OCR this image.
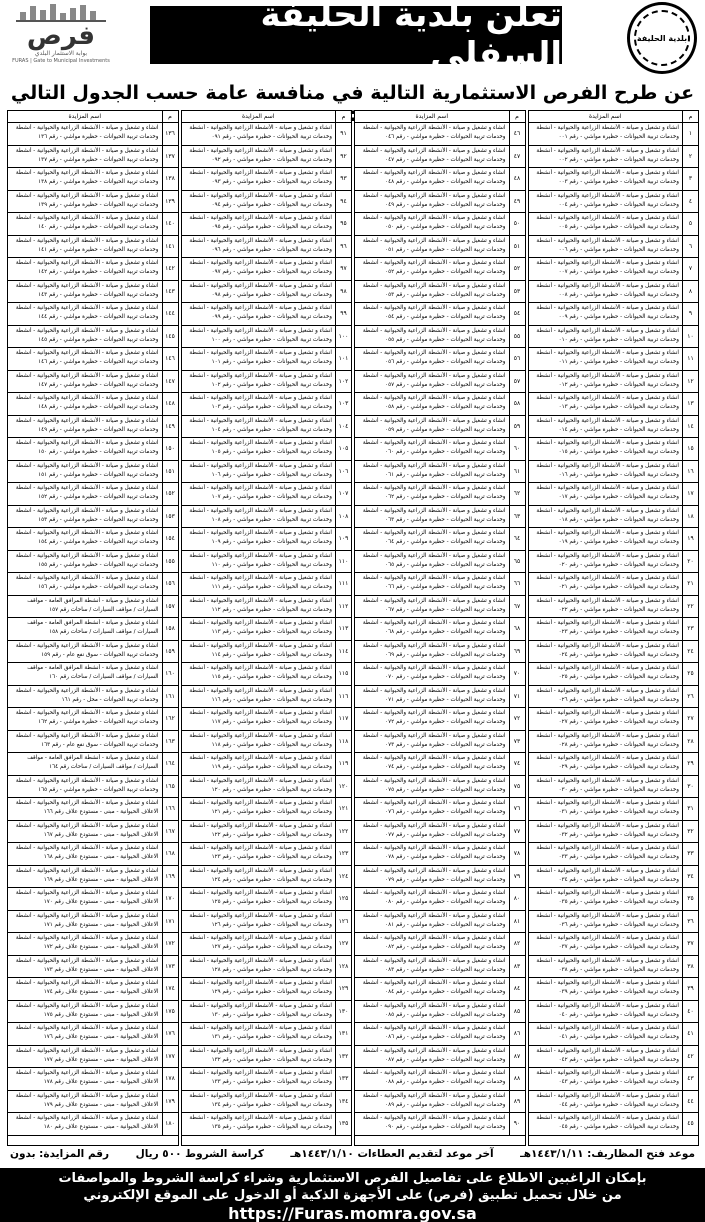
فرص
بوابة الاستثمار البلدي
FURAS | Gate to Municipal Investments
تعلن بلدية الحليفة السفلى	بلدية الحليفة
عن طرح الفرص الاستثمارية التالية في منافسة عامة حسب الجدول التالي :	م
اسم المزايدة
١
انشاء و تشغيل و صيانة - الأنشطة الزراعية والحيوانية - أنشطة
وخدمات تربية الحيوانات - حظيرة مواشي - رقم ٠٠١
٢
انشاء و تشغيل و صيانة - الأنشطة الزراعية والحيوانية - أنشطة
وخدمات تربية الحيوانات - حظيرة مواشي - رقم ٠٠٢
٣
انشاء و تشغيل و صيانة - الأنشطة الزراعية والحيوانية - أنشطة
وخدمات تربية الحيوانات - حظيرة مواشي - رقم ٠٠٣
٤
انشاء و تشغيل و صيانة - الأنشطة الزراعية والحيوانية - أنشطة
وخدمات تربية الحيوانات - حظيرة مواشي - رقم ٠٠٤
٥
انشاء و تشغيل و صيانة - الأنشطة الزراعية والحيوانية - أنشطة
وخدمات تربية الحيوانات - حظيرة مواشي - رقم ٠٠٥
٦
انشاء و تشغيل و صيانة - الأنشطة الزراعية والحيوانية - أنشطة
وخدمات تربية الحيوانات - حظيرة مواشي - رقم ٠٠٦
٧
انشاء و تشغيل و صيانة - الأنشطة الزراعية والحيوانية - أنشطة
وخدمات تربية الحيوانات - حظيرة مواشي - رقم ٠٠٧
٨
انشاء و تشغيل و صيانة - الأنشطة الزراعية والحيوانية - أنشطة
وخدمات تربية الحيوانات - حظيرة مواشي - رقم ٠٠٨
٩
انشاء و تشغيل و صيانة - الأنشطة الزراعية والحيوانية - أنشطة
وخدمات تربية الحيوانات - حظيرة مواشي - رقم ٠٠٩
١٠
انشاء و تشغيل و صيانة - الأنشطة الزراعية والحيوانية - أنشطة
وخدمات تربية الحيوانات - حظيرة مواشي - رقم ٠١٠
١١
انشاء و تشغيل و صيانة - الأنشطة الزراعية والحيوانية - أنشطة
وخدمات تربية الحيوانات - حظيرة مواشي - رقم ٠١١
١٢
انشاء و تشغيل و صيانة - الأنشطة الزراعية والحيوانية - أنشطة
وخدمات تربية الحيوانات - حظيرة مواشي - رقم ٠١٢
١٣
انشاء و تشغيل و صيانة - الأنشطة الزراعية والحيوانية - أنشطة
وخدمات تربية الحيوانات - حظيرة مواشي - رقم ٠١٣
١٤
انشاء و تشغيل و صيانة - الأنشطة الزراعية والحيوانية - أنشطة
وخدمات تربية الحيوانات - حظيرة مواشي - رقم ٠١٤
١٥
انشاء و تشغيل و صيانة - الأنشطة الزراعية والحيوانية - أنشطة
وخدمات تربية الحيوانات - حظيرة مواشي - رقم ٠١٥
١٦
انشاء و تشغيل و صيانة - الأنشطة الزراعية والحيوانية - أنشطة
وخدمات تربية الحيوانات - حظيرة مواشي - رقم ٠١٦
١٧
انشاء و تشغيل و صيانة - الأنشطة الزراعية والحيوانية - أنشطة
وخدمات تربية الحيوانات - حظيرة مواشي - رقم ٠١٧
١٨
انشاء و تشغيل و صيانة - الأنشطة الزراعية والحيوانية - أنشطة
وخدمات تربية الحيوانات - حظيرة مواشي - رقم ٠١٨
١٩
انشاء و تشغيل و صيانة - الأنشطة الزراعية والحيوانية - أنشطة
وخدمات تربية الحيوانات - حظيرة مواشي - رقم ٠١٩
٢٠
انشاء و تشغيل و صيانة - الأنشطة الزراعية والحيوانية - أنشطة
وخدمات تربية الحيوانات - حظيرة مواشي - رقم ٠٢٠
٢١
انشاء و تشغيل و صيانة - الأنشطة الزراعية والحيوانية - أنشطة
وخدمات تربية الحيوانات - حظيرة مواشي - رقم ٠٢١
٢٢
انشاء و تشغيل و صيانة - الأنشطة الزراعية والحيوانية - أنشطة
وخدمات تربية الحيوانات - حظيرة مواشي - رقم ٠٢٢
٢٣
انشاء و تشغيل و صيانة - الأنشطة الزراعية والحيوانية - أنشطة
وخدمات تربية الحيوانات - حظيرة مواشي - رقم ٠٢٣
٢٤
انشاء و تشغيل و صيانة - الأنشطة الزراعية والحيوانية - أنشطة
وخدمات تربية الحيوانات - حظيرة مواشي - رقم ٠٢٤
٢٥
انشاء و تشغيل و صيانة - الأنشطة الزراعية والحيوانية - أنشطة
وخدمات تربية الحيوانات - حظيرة مواشي - رقم ٠٢٥
٢٦
انشاء و تشغيل و صيانة - الأنشطة الزراعية والحيوانية - أنشطة
وخدمات تربية الحيوانات - حظيرة مواشي - رقم ٠٢٦
٢٧
انشاء و تشغيل و صيانة - الأنشطة الزراعية والحيوانية - أنشطة
وخدمات تربية الحيوانات - حظيرة مواشي - رقم ٠٢٧
٢٨
انشاء و تشغيل و صيانة - الأنشطة الزراعية والحيوانية - أنشطة
وخدمات تربية الحيوانات - حظيرة مواشي - رقم ٠٢٨
٢٩
انشاء و تشغيل و صيانة - الأنشطة الزراعية والحيوانية - أنشطة
وخدمات تربية الحيوانات - حظيرة مواشي - رقم ٠٢٩
٣٠
انشاء و تشغيل و صيانة - الأنشطة الزراعية والحيوانية - أنشطة
وخدمات تربية الحيوانات - حظيرة مواشي - رقم ٠٣٠
٣١
انشاء و تشغيل و صيانة - الأنشطة الزراعية والحيوانية - أنشطة
وخدمات تربية الحيوانات - حظيرة مواشي - رقم ٠٣١
٣٢
انشاء و تشغيل و صيانة - الأنشطة الزراعية والحيوانية - أنشطة
وخدمات تربية الحيوانات - حظيرة مواشي - رقم ٠٣٢
٣٣
انشاء و تشغيل و صيانة - الأنشطة الزراعية والحيوانية - أنشطة
وخدمات تربية الحيوانات - حظيرة مواشي - رقم ٠٣٣
٣٤
انشاء و تشغيل و صيانة - الأنشطة الزراعية والحيوانية - أنشطة
وخدمات تربية الحيوانات - حظيرة مواشي - رقم ٠٣٤
٣٥
انشاء و تشغيل و صيانة - الأنشطة الزراعية والحيوانية - أنشطة
وخدمات تربية الحيوانات - حظيرة مواشي - رقم ٠٣٥
٣٦
انشاء و تشغيل و صيانة - الأنشطة الزراعية والحيوانية - أنشطة
وخدمات تربية الحيوانات - حظيرة مواشي - رقم ٠٣٦
٣٧
انشاء و تشغيل و صيانة - الأنشطة الزراعية والحيوانية - أنشطة
وخدمات تربية الحيوانات - حظيرة مواشي - رقم ٠٣٧
٣٨
انشاء و تشغيل و صيانة - الأنشطة الزراعية والحيوانية - أنشطة
وخدمات تربية الحيوانات - حظيرة مواشي - رقم ٠٣٨
٣٩
انشاء و تشغيل و صيانة - الأنشطة الزراعية والحيوانية - أنشطة
وخدمات تربية الحيوانات - حظيرة مواشي - رقم ٠٣٩
٤٠
انشاء و تشغيل و صيانة - الأنشطة الزراعية والحيوانية - أنشطة
وخدمات تربية الحيوانات - حظيرة مواشي - رقم ٠٤٠
٤١
انشاء و تشغيل و صيانة - الأنشطة الزراعية والحيوانية - أنشطة
وخدمات تربية الحيوانات - حظيرة مواشي - رقم ٠٤١
٤٢
انشاء و تشغيل و صيانة - الأنشطة الزراعية والحيوانية - أنشطة
وخدمات تربية الحيوانات - حظيرة مواشي - رقم ٠٤٢
٤٣
انشاء و تشغيل و صيانة - الأنشطة الزراعية والحيوانية - أنشطة
وخدمات تربية الحيوانات - حظيرة مواشي - رقم ٠٤٣
٤٤
انشاء و تشغيل و صيانة - الأنشطة الزراعية والحيوانية - أنشطة
وخدمات تربية الحيوانات - حظيرة مواشي - رقم ٠٤٤
٤٥
انشاء و تشغيل و صيانة - الأنشطة الزراعية والحيوانية - أنشطة
وخدمات تربية الحيوانات - حظيرة مواشي - رقم ٠٤٥
م
اسم المزايدة
٤٦
انشاء و تشغيل و صيانة - الأنشطة الزراعية والحيوانية - أنشطة
وخدمات تربية الحيوانات - حظيرة مواشي - رقم ٠٤٦
٤٧
انشاء و تشغيل و صيانة - الأنشطة الزراعية والحيوانية - أنشطة
وخدمات تربية الحيوانات - حظيرة مواشي - رقم ٠٤٧
٤٨
انشاء و تشغيل و صيانة - الأنشطة الزراعية والحيوانية - أنشطة
وخدمات تربية الحيوانات - حظيرة مواشي - رقم ٠٤٨
٤٩
انشاء و تشغيل و صيانة - الأنشطة الزراعية والحيوانية - أنشطة
وخدمات تربية الحيوانات - حظيرة مواشي - رقم ٠٤٩
٥٠
انشاء و تشغيل و صيانة - الأنشطة الزراعية والحيوانية - أنشطة
وخدمات تربية الحيوانات - حظيرة مواشي - رقم ٠٥٠
٥١
انشاء و تشغيل و صيانة - الأنشطة الزراعية والحيوانية - أنشطة
وخدمات تربية الحيوانات - حظيرة مواشي - رقم ٠٥١
٥٢
انشاء و تشغيل و صيانة - الأنشطة الزراعية والحيوانية - أنشطة
وخدمات تربية الحيوانات - حظيرة مواشي - رقم ٠٥٢
٥٣
انشاء و تشغيل و صيانة - الأنشطة الزراعية والحيوانية - أنشطة
وخدمات تربية الحيوانات - حظيرة مواشي - رقم ٠٥٣
٥٤
انشاء و تشغيل و صيانة - الأنشطة الزراعية والحيوانية - أنشطة
وخدمات تربية الحيوانات - حظيرة مواشي - رقم ٠٥٤
٥٥
انشاء و تشغيل و صيانة - الأنشطة الزراعية والحيوانية - أنشطة
وخدمات تربية الحيوانات - حظيرة مواشي - رقم ٠٥٥
٥٦
انشاء و تشغيل و صيانة - الأنشطة الزراعية والحيوانية - أنشطة
وخدمات تربية الحيوانات - حظيرة مواشي - رقم ٠٥٦
٥٧
انشاء و تشغيل و صيانة - الأنشطة الزراعية والحيوانية - أنشطة
وخدمات تربية الحيوانات - حظيرة مواشي - رقم ٠٥٧
٥٨
انشاء و تشغيل و صيانة - الأنشطة الزراعية والحيوانية - أنشطة
وخدمات تربية الحيوانات - حظيرة مواشي - رقم ٠٥٨
٥٩
انشاء و تشغيل و صيانة - الأنشطة الزراعية والحيوانية - أنشطة
وخدمات تربية الحيوانات - حظيرة مواشي - رقم ٠٥٩
٦٠
انشاء و تشغيل و صيانة - الأنشطة الزراعية والحيوانية - أنشطة
وخدمات تربية الحيوانات - حظيرة مواشي - رقم ٠٦٠
٦١
انشاء و تشغيل و صيانة - الأنشطة الزراعية والحيوانية - أنشطة
وخدمات تربية الحيوانات - حظيرة مواشي - رقم ٠٦١
٦٢
انشاء و تشغيل و صيانة - الأنشطة الزراعية والحيوانية - أنشطة
وخدمات تربية الحيوانات - حظيرة مواشي - رقم ٠٦٢
٦٣
انشاء و تشغيل و صيانة - الأنشطة الزراعية والحيوانية - أنشطة
وخدمات تربية الحيوانات - حظيرة مواشي - رقم ٠٦٣
٦٤
انشاء و تشغيل و صيانة - الأنشطة الزراعية والحيوانية - أنشطة
وخدمات تربية الحيوانات - حظيرة مواشي - رقم ٠٦٤
٦٥
انشاء و تشغيل و صيانة - الأنشطة الزراعية والحيوانية - أنشطة
وخدمات تربية الحيوانات - حظيرة مواشي - رقم ٠٦٥
٦٦
انشاء و تشغيل و صيانة - الأنشطة الزراعية والحيوانية - أنشطة
وخدمات تربية الحيوانات - حظيرة مواشي - رقم ٠٦٦
٦٧
انشاء و تشغيل و صيانة - الأنشطة الزراعية والحيوانية - أنشطة
وخدمات تربية الحيوانات - حظيرة مواشي - رقم ٠٦٧
٦٨
انشاء و تشغيل و صيانة - الأنشطة الزراعية والحيوانية - أنشطة
وخدمات تربية الحيوانات - حظيرة مواشي - رقم ٠٦٨
٦٩
انشاء و تشغيل و صيانة - الأنشطة الزراعية والحيوانية - أنشطة
وخدمات تربية الحيوانات - حظيرة مواشي - رقم ٠٦٩
٧٠
انشاء و تشغيل و صيانة - الأنشطة الزراعية والحيوانية - أنشطة
وخدمات تربية الحيوانات - حظيرة مواشي - رقم ٠٧٠
٧١
انشاء و تشغيل و صيانة - الأنشطة الزراعية والحيوانية - أنشطة
وخدمات تربية الحيوانات - حظيرة مواشي - رقم ٠٧١
٧٢
انشاء و تشغيل و صيانة - الأنشطة الزراعية والحيوانية - أنشطة
وخدمات تربية الحيوانات - حظيرة مواشي - رقم ٠٧٢
٧٣
انشاء و تشغيل و صيانة - الأنشطة الزراعية والحيوانية - أنشطة
وخدمات تربية الحيوانات - حظيرة مواشي - رقم ٠٧٣
٧٤
انشاء و تشغيل و صيانة - الأنشطة الزراعية والحيوانية - أنشطة
وخدمات تربية الحيوانات - حظيرة مواشي - رقم ٠٧٤
٧٥
انشاء و تشغيل و صيانة - الأنشطة الزراعية والحيوانية - أنشطة
وخدمات تربية الحيوانات - حظيرة مواشي - رقم ٠٧٥
٧٦
انشاء و تشغيل و صيانة - الأنشطة الزراعية والحيوانية - أنشطة
وخدمات تربية الحيوانات - حظيرة مواشي - رقم ٠٧٦
٧٧
انشاء و تشغيل و صيانة - الأنشطة الزراعية والحيوانية - أنشطة
وخدمات تربية الحيوانات - حظيرة مواشي - رقم ٠٧٧
٧٨
انشاء و تشغيل و صيانة - الأنشطة الزراعية والحيوانية - أنشطة
وخدمات تربية الحيوانات - حظيرة مواشي - رقم ٠٧٨
٧٩
انشاء و تشغيل و صيانة - الأنشطة الزراعية والحيوانية - أنشطة
وخدمات تربية الحيوانات - حظيرة مواشي - رقم ٠٧٩
٨٠
انشاء و تشغيل و صيانة - الأنشطة الزراعية والحيوانية - أنشطة
وخدمات تربية الحيوانات - حظيرة مواشي - رقم ٠٨٠
٨١
انشاء و تشغيل و صيانة - الأنشطة الزراعية والحيوانية - أنشطة
وخدمات تربية الحيوانات - حظيرة مواشي - رقم ٠٨١
٨٢
انشاء و تشغيل و صيانة - الأنشطة الزراعية والحيوانية - أنشطة
وخدمات تربية الحيوانات - حظيرة مواشي - رقم ٠٨٢
٨٣
انشاء و تشغيل و صيانة - الأنشطة الزراعية والحيوانية - أنشطة
وخدمات تربية الحيوانات - حظيرة مواشي - رقم ٠٨٣
٨٤
انشاء و تشغيل و صيانة - الأنشطة الزراعية والحيوانية - أنشطة
وخدمات تربية الحيوانات - حظيرة مواشي - رقم ٠٨٤
٨٥
انشاء و تشغيل و صيانة - الأنشطة الزراعية والحيوانية - أنشطة
وخدمات تربية الحيوانات - حظيرة مواشي - رقم ٠٨٥
٨٦
انشاء و تشغيل و صيانة - الأنشطة الزراعية والحيوانية - أنشطة
وخدمات تربية الحيوانات - حظيرة مواشي - رقم ٠٨٦
٨٧
انشاء و تشغيل و صيانة - الأنشطة الزراعية والحيوانية - أنشطة
وخدمات تربية الحيوانات - حظيرة مواشي - رقم ٠٨٧
٨٨
انشاء و تشغيل و صيانة - الأنشطة الزراعية والحيوانية - أنشطة
وخدمات تربية الحيوانات - حظيرة مواشي - رقم ٠٨٨
٨٩
انشاء و تشغيل و صيانة - الأنشطة الزراعية والحيوانية - أنشطة
وخدمات تربية الحيوانات - حظيرة مواشي - رقم ٠٨٩
٩٠
انشاء و تشغيل و صيانة - الأنشطة الزراعية والحيوانية - أنشطة
وخدمات تربية الحيوانات - حظيرة مواشي - رقم ٠٩٠
م
اسم المزايدة
٩١
انشاء و تشغيل و صيانة - الأنشطة الزراعية والحيوانية - أنشطة
وخدمات تربية الحيوانات - حظيرة مواشي - رقم ٠٩١
٩٢
انشاء و تشغيل و صيانة - الأنشطة الزراعية والحيوانية - أنشطة
وخدمات تربية الحيوانات - حظيرة مواشي - رقم ٠٩٢
٩٣
انشاء و تشغيل و صيانة - الأنشطة الزراعية والحيوانية - أنشطة
وخدمات تربية الحيوانات - حظيرة مواشي - رقم ٠٩٣
٩٤
انشاء و تشغيل و صيانة - الأنشطة الزراعية والحيوانية - أنشطة
وخدمات تربية الحيوانات - حظيرة مواشي - رقم ٠٩٤
٩٥
انشاء و تشغيل و صيانة - الأنشطة الزراعية والحيوانية - أنشطة
وخدمات تربية الحيوانات - حظيرة مواشي - رقم ٠٩٥
٩٦
انشاء و تشغيل و صيانة - الأنشطة الزراعية والحيوانية - أنشطة
وخدمات تربية الحيوانات - حظيرة مواشي - رقم ٠٩٦
٩٧
انشاء و تشغيل و صيانة - الأنشطة الزراعية والحيوانية - أنشطة
وخدمات تربية الحيوانات - حظيرة مواشي - رقم ٠٩٧
٩٨
انشاء و تشغيل و صيانة - الأنشطة الزراعية والحيوانية - أنشطة
وخدمات تربية الحيوانات - حظيرة مواشي - رقم ٠٩٨
٩٩
انشاء و تشغيل و صيانة - الأنشطة الزراعية والحيوانية - أنشطة
وخدمات تربية الحيوانات - حظيرة مواشي - رقم ٠٩٩
١٠٠
انشاء و تشغيل و صيانة - الأنشطة الزراعية والحيوانية - أنشطة
وخدمات تربية الحيوانات - حظيرة مواشي - رقم ١٠٠
١٠١
انشاء و تشغيل و صيانة - الأنشطة الزراعية والحيوانية - أنشطة
وخدمات تربية الحيوانات - حظيرة مواشي - رقم ١٠١
١٠٢
انشاء و تشغيل و صيانة - الأنشطة الزراعية والحيوانية - أنشطة
وخدمات تربية الحيوانات - حظيرة مواشي - رقم ١٠٢
١٠٣
انشاء و تشغيل و صيانة - الأنشطة الزراعية والحيوانية - أنشطة
وخدمات تربية الحيوانات - حظيرة مواشي - رقم ١٠٣
١٠٤
انشاء و تشغيل و صيانة - الأنشطة الزراعية والحيوانية - أنشطة
وخدمات تربية الحيوانات - حظيرة مواشي - رقم ١٠٤
١٠٥
انشاء و تشغيل و صيانة - الأنشطة الزراعية والحيوانية - أنشطة
وخدمات تربية الحيوانات - حظيرة مواشي - رقم ١٠٥
١٠٦
انشاء و تشغيل و صيانة - الأنشطة الزراعية والحيوانية - أنشطة
وخدمات تربية الحيوانات - حظيرة مواشي - رقم ١٠٦
١٠٧
انشاء و تشغيل و صيانة - الأنشطة الزراعية والحيوانية - أنشطة
وخدمات تربية الحيوانات - حظيرة مواشي - رقم ١٠٧
١٠٨
انشاء و تشغيل و صيانة - الأنشطة الزراعية والحيوانية - أنشطة
وخدمات تربية الحيوانات - حظيرة مواشي - رقم ١٠٨
١٠٩
انشاء و تشغيل و صيانة - الأنشطة الزراعية والحيوانية - أنشطة
وخدمات تربية الحيوانات - حظيرة مواشي - رقم ١٠٩
١١٠
انشاء و تشغيل و صيانة - الأنشطة الزراعية والحيوانية - أنشطة
وخدمات تربية الحيوانات - حظيرة مواشي - رقم ١١٠
١١١
انشاء و تشغيل و صيانة - الأنشطة الزراعية والحيوانية - أنشطة
وخدمات تربية الحيوانات - حظيرة مواشي - رقم ١١١
١١٢
انشاء و تشغيل و صيانة - الأنشطة الزراعية والحيوانية - أنشطة
وخدمات تربية الحيوانات - حظيرة مواشي - رقم ١١٢
١١٣
انشاء و تشغيل و صيانة - الأنشطة الزراعية والحيوانية - أنشطة
وخدمات تربية الحيوانات - حظيرة مواشي - رقم ١١٣
١١٤
انشاء و تشغيل و صيانة - الأنشطة الزراعية والحيوانية - أنشطة
وخدمات تربية الحيوانات - حظيرة مواشي - رقم ١١٤
١١٥
انشاء و تشغيل و صيانة - الأنشطة الزراعية والحيوانية - أنشطة
وخدمات تربية الحيوانات - حظيرة مواشي - رقم ١١٥
١١٦
انشاء و تشغيل و صيانة - الأنشطة الزراعية والحيوانية - أنشطة
وخدمات تربية الحيوانات - حظيرة مواشي - رقم ١١٦
١١٧
انشاء و تشغيل و صيانة - الأنشطة الزراعية والحيوانية - أنشطة
وخدمات تربية الحيوانات - حظيرة مواشي - رقم ١١٧
١١٨
انشاء و تشغيل و صيانة - الأنشطة الزراعية والحيوانية - أنشطة
وخدمات تربية الحيوانات - حظيرة مواشي - رقم ١١٨
١١٩
انشاء و تشغيل و صيانة - الأنشطة الزراعية والحيوانية - أنشطة
وخدمات تربية الحيوانات - حظيرة مواشي - رقم ١١٩
١٢٠
انشاء و تشغيل و صيانة - الأنشطة الزراعية والحيوانية - أنشطة
وخدمات تربية الحيوانات - حظيرة مواشي - رقم ١٢٠
١٢١
انشاء و تشغيل و صيانة - الأنشطة الزراعية والحيوانية - أنشطة
وخدمات تربية الحيوانات - حظيرة مواشي - رقم ١٢١
١٢٢
انشاء و تشغيل و صيانة - الأنشطة الزراعية والحيوانية - أنشطة
وخدمات تربية الحيوانات - حظيرة مواشي - رقم ١٢٢
١٢٣
انشاء و تشغيل و صيانة - الأنشطة الزراعية والحيوانية - أنشطة
وخدمات تربية الحيوانات - حظيرة مواشي - رقم ١٢٣
١٢٤
انشاء و تشغيل و صيانة - الأنشطة الزراعية والحيوانية - أنشطة
وخدمات تربية الحيوانات - حظيرة مواشي - رقم ١٢٤
١٢٥
انشاء و تشغيل و صيانة - الأنشطة الزراعية والحيوانية - أنشطة
وخدمات تربية الحيوانات - حظيرة مواشي - رقم ١٢٥
١٢٦
انشاء و تشغيل و صيانة - الأنشطة الزراعية والحيوانية - أنشطة
وخدمات تربية الحيوانات - حظيرة مواشي - رقم ١٢٦
١٢٧
انشاء و تشغيل و صيانة - الأنشطة الزراعية والحيوانية - أنشطة
وخدمات تربية الحيوانات - حظيرة مواشي - رقم ١٢٧
١٢٨
انشاء و تشغيل و صيانة - الأنشطة الزراعية والحيوانية - أنشطة
وخدمات تربية الحيوانات - حظيرة مواشي - رقم ١٢٨
١٢٩
انشاء و تشغيل و صيانة - الأنشطة الزراعية والحيوانية - أنشطة
وخدمات تربية الحيوانات - حظيرة مواشي - رقم ١٢٩
١٣٠
انشاء و تشغيل و صيانة - الأنشطة الزراعية والحيوانية - أنشطة
وخدمات تربية الحيوانات - حظيرة مواشي - رقم ١٣٠
١٣١
انشاء و تشغيل و صيانة - الأنشطة الزراعية والحيوانية - أنشطة
وخدمات تربية الحيوانات - حظيرة مواشي - رقم ١٣١
١٣٢
انشاء و تشغيل و صيانة - الأنشطة الزراعية والحيوانية - أنشطة
وخدمات تربية الحيوانات - حظيرة مواشي - رقم ١٣٢
١٣٣
انشاء و تشغيل و صيانة - الأنشطة الزراعية والحيوانية - أنشطة
وخدمات تربية الحيوانات - حظيرة مواشي - رقم ١٣٣
١٣٤
انشاء و تشغيل و صيانة - الأنشطة الزراعية والحيوانية - أنشطة
وخدمات تربية الحيوانات - حظيرة مواشي - رقم ١٣٤
١٣٥
انشاء و تشغيل و صيانة - الأنشطة الزراعية والحيوانية - أنشطة
وخدمات تربية الحيوانات - حظيرة مواشي - رقم ١٣٥
م
اسم المزايدة
١٣٦
انشاء و تشغيل و صيانة - الأنشطة الزراعية والحيوانية - أنشطة
وخدمات تربية الحيوانات - حظيرة مواشي - رقم ١٣٦
١٣٧
انشاء و تشغيل و صيانة - الأنشطة الزراعية والحيوانية - أنشطة
وخدمات تربية الحيوانات - حظيرة مواشي - رقم ١٣٧
١٣٨
انشاء و تشغيل و صيانة - الأنشطة الزراعية والحيوانية - أنشطة
وخدمات تربية الحيوانات - حظيرة مواشي - رقم ١٣٨
١٣٩
انشاء و تشغيل و صيانة - الأنشطة الزراعية والحيوانية - أنشطة
وخدمات تربية الحيوانات - حظيرة مواشي - رقم ١٣٩
١٤٠
انشاء و تشغيل و صيانة - الأنشطة الزراعية والحيوانية - أنشطة
وخدمات تربية الحيوانات - حظيرة مواشي - رقم ١٤٠
١٤١
انشاء و تشغيل و صيانة - الأنشطة الزراعية والحيوانية - أنشطة
وخدمات تربية الحيوانات - حظيرة مواشي - رقم ١٤١
١٤٢
انشاء و تشغيل و صيانة - الأنشطة الزراعية والحيوانية - أنشطة
وخدمات تربية الحيوانات - حظيرة مواشي - رقم ١٤٢
١٤٣
انشاء و تشغيل و صيانة - الأنشطة الزراعية والحيوانية - أنشطة
وخدمات تربية الحيوانات - حظيرة مواشي - رقم ١٤٣
١٤٤
انشاء و تشغيل و صيانة - الأنشطة الزراعية والحيوانية - أنشطة
وخدمات تربية الحيوانات - حظيرة مواشي - رقم ١٤٤
١٤٥
انشاء و تشغيل و صيانة - الأنشطة الزراعية والحيوانية - أنشطة
وخدمات تربية الحيوانات - حظيرة مواشي - رقم ١٤٥
١٤٦
انشاء و تشغيل و صيانة - الأنشطة الزراعية والحيوانية - أنشطة
وخدمات تربية الحيوانات - حظيرة مواشي - رقم ١٤٦
١٤٧
انشاء و تشغيل و صيانة - الأنشطة الزراعية والحيوانية - أنشطة
وخدمات تربية الحيوانات - حظيرة مواشي - رقم ١٤٧
١٤٨
انشاء و تشغيل و صيانة - الأنشطة الزراعية والحيوانية - أنشطة
وخدمات تربية الحيوانات - حظيرة مواشي - رقم ١٤٨
١٤٩
انشاء و تشغيل و صيانة - الأنشطة الزراعية والحيوانية - أنشطة
وخدمات تربية الحيوانات - حظيرة مواشي - رقم ١٤٩
١٥٠
انشاء و تشغيل و صيانة - الأنشطة الزراعية والحيوانية - أنشطة
وخدمات تربية الحيوانات - حظيرة مواشي - رقم ١٥٠
١٥١
انشاء و تشغيل و صيانة - الأنشطة الزراعية والحيوانية - أنشطة
وخدمات تربية الحيوانات - حظيرة مواشي - رقم ١٥١
١٥٢
انشاء و تشغيل و صيانة - الأنشطة الزراعية والحيوانية - أنشطة
وخدمات تربية الحيوانات - حظيرة مواشي - رقم ١٥٢
١٥٣
انشاء و تشغيل و صيانة - الأنشطة الزراعية والحيوانية - أنشطة
وخدمات تربية الحيوانات - حظيرة مواشي - رقم ١٥٣
١٥٤
انشاء و تشغيل و صيانة - الأنشطة الزراعية والحيوانية - أنشطة
وخدمات تربية الحيوانات - حظيرة مواشي - رقم ١٥٤
١٥٥
انشاء و تشغيل و صيانة - الأنشطة الزراعية والحيوانية - أنشطة
وخدمات تربية الحيوانات - حظيرة مواشي - رقم ١٥٥
١٥٦
انشاء و تشغيل و صيانة - الأنشطة الزراعية والحيوانية - أنشطة
وخدمات تربية الحيوانات - حظيرة مواشي - رقم ١٥٦
١٥٧
انشاء و تشغيل و صيانة - أنشطة المرافق العامة - مواقف
السيارات / مواقف السيارات / ساحات رقم ١٥٧
١٥٨
انشاء و تشغيل و صيانة - أنشطة المرافق العامة - مواقف
السيارات / مواقف السيارات / ساحات رقم ١٥٨
١٥٩
انشاء و تشغيل و صيانة - الأنشطة الزراعية والحيوانية - أنشطة
وخدمات تربية الحيوانات - سوق نفع عام - رقم ١٥٩
١٦٠
انشاء و تشغيل و صيانة - أنشطة المرافق العامة - مواقف
السيارات / مواقف السيارات / ساحات رقم ١٦٠
١٦١
انشاء و تشغيل و صيانة - الأنشطة الزراعية والحيوانية - أنشطة
وخدمات تربية الحيوانات - محل - رقم ١٦١
١٦٢
انشاء و تشغيل و صيانة - الأنشطة الزراعية والحيوانية - أنشطة
وخدمات تربية الحيوانات - حظيرة مواشي - رقم ١٦٢
١٦٣
انشاء و تشغيل و صيانة - الأنشطة الزراعية والحيوانية - أنشطة
وخدمات تربية الحيوانات - سوق نفع عام - رقم ١٦٣
١٦٤
انشاء و تشغيل و صيانة - أنشطة المرافق العامة - مواقف
السيارات / مواقف السيارات / ساحات رقم ١٦٤
١٦٥
انشاء و تشغيل و صيانة - الأنشطة الزراعية والحيوانية - أنشطة
وخدمات تربية الحيوانات - حظيرة مواشي - رقم ١٦٥
١٦٦
انشاء و تشغيل و صيانة - الأنشطة الزراعية والحيوانية - أنشطة
الاعلاف الحيوانية - مبنى - مستودع علاف رقم ١٦٦
١٦٧
انشاء و تشغيل و صيانة - الأنشطة الزراعية والحيوانية - أنشطة
الاعلاف الحيوانية - مبنى - مستودع علاف رقم ١٦٧
١٦٨
انشاء و تشغيل و صيانة - الأنشطة الزراعية والحيوانية - أنشطة
الاعلاف الحيوانية - مبنى - مستودع علاف رقم ١٦٨
١٦٩
انشاء و تشغيل و صيانة - الأنشطة الزراعية والحيوانية - أنشطة
الاعلاف الحيوانية - مبنى - مستودع علاف رقم ١٦٩
١٧٠
انشاء و تشغيل و صيانة - الأنشطة الزراعية والحيوانية - أنشطة
الاعلاف الحيوانية - مبنى - مستودع علاف رقم ١٧٠
١٧١
انشاء و تشغيل و صيانة - الأنشطة الزراعية والحيوانية - أنشطة
الاعلاف الحيوانية - مبنى - مستودع علاف رقم ١٧١
١٧٢
انشاء و تشغيل و صيانة - الأنشطة الزراعية والحيوانية - أنشطة
الاعلاف الحيوانية - مبنى - مستودع علاف رقم ١٧٢
١٧٣
انشاء و تشغيل و صيانة - الأنشطة الزراعية والحيوانية - أنشطة
الاعلاف الحيوانية - مبنى - مستودع علاف رقم ١٧٣
١٧٤
انشاء و تشغيل و صيانة - الأنشطة الزراعية والحيوانية - أنشطة
الاعلاف الحيوانية - مبنى - مستودع علاف رقم ١٧٤
١٧٥
انشاء و تشغيل و صيانة - الأنشطة الزراعية والحيوانية - أنشطة
الاعلاف الحيوانية - مبنى - مستودع علاف رقم ١٧٥
١٧٦
انشاء و تشغيل و صيانة - الأنشطة الزراعية والحيوانية - أنشطة
الاعلاف الحيوانية - مبنى - مستودع علاف رقم ١٧٦
١٧٧
انشاء و تشغيل و صيانة - الأنشطة الزراعية والحيوانية - أنشطة
الاعلاف الحيوانية - مبنى - مستودع علاف رقم ١٧٧
١٧٨
انشاء و تشغيل و صيانة - الأنشطة الزراعية والحيوانية - أنشطة
الاعلاف الحيوانية - مبنى - مستودع علاف رقم ١٧٨
١٧٩
انشاء و تشغيل و صيانة - الأنشطة الزراعية والحيوانية - أنشطة
الاعلاف الحيوانية - مبنى - مستودع علاف رقم ١٧٩
١٨٠
انشاء و تشغيل و صيانة - الأنشطة الزراعية والحيوانية - أنشطة
الاعلاف الحيوانية - مبنى - مستودع علاف رقم ١٨٠
رقم المزايدة: بدون	كراسة الشروط ٥٠٠ ريال	آخر موعد لتقديم العطاءات ١٤٤٣/١/١٠هـ	موعد فتح المظاريف: ١٤٤٣/١/١١هـ
بإمكان الراغبين الاطلاع على تفاصيل الفرص الاستثمارية وشراء كراسة الشروط والمواصفات
من خلال تحميل تطبيق (فرص) على الأجهزة الذكية أو الدخول على الموقع الإلكتروني
https://Furas.momra.gov.sa
